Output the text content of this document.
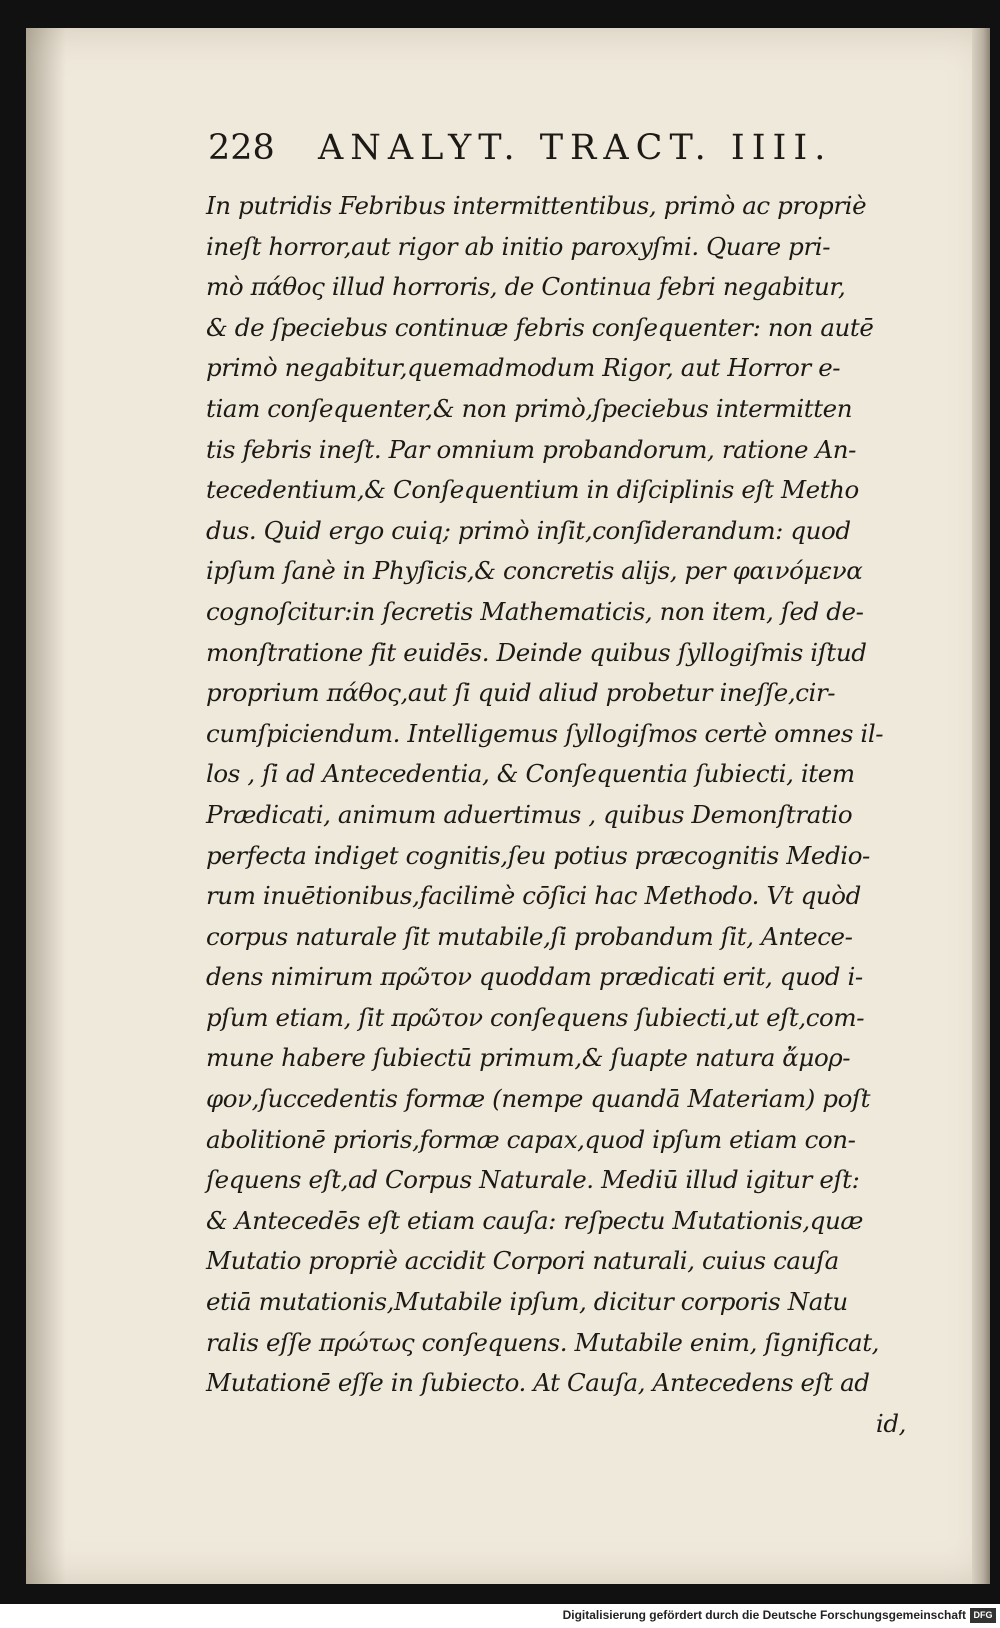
228 ANALYT. TRACT. IIII.
In putridis Febribus intermittentibus, primò ac propriè
ineſt horror,aut rigor ab initio paroxyſmi. Quare pri‑
mò πάθος illud horroris, de Continua febri negabitur,
& de ſpeciebus continuæ febris conſequenter: non autē
primò negabitur,quemadmodum Rigor, aut Horror e‑
tiam conſequenter,& non primò,ſpeciebus intermitten
tis febris ineſt. Par omnium probandorum, ratione An‑
tecedentium,& Conſequentium in diſciplinis eſt Metho
dus. Quid ergo cuiq; primò inſit,conſiderandum: quod
ipſum ſanè in Phyſicis,& concretis alijs, per φαινόμενα
cognoſcitur:in ſecretis Mathematicis, non item, ſed de‑
monſtratione fit euidēs. Deinde quibus ſyllogiſmis iſtud
proprium πάθος,aut ſi quid aliud probetur ineſſe,cir‑
cumſpiciendum. Intelligemus ſyllogiſmos certè omnes il‑
los , ſi ad Antecedentia, & Conſequentia ſubiecti, item
Prædicati, animum aduertimus , quibus Demonſtratio
perfecta indiget cognitis,ſeu potius præcognitis Medio‑
rum inuētionibus,facilimè cōſici hac Methodo. Vt quòd
corpus naturale ſit mutabile,ſi probandum ſit, Antece‑
dens nimirum πρῶτον quoddam prædicati erit, quod i‑
pſum etiam, ſit πρῶτον conſequens ſubiecti,ut eſt,com‑
mune habere ſubiectū primum,& ſuapte natura ἄμορ‑
φον,ſuccedentis formæ (nempe quandā Materiam) poſt
abolitionē prioris,formæ capax,quod ipſum etiam con‑
ſequens eſt,ad Corpus Naturale. Mediū illud igitur eſt:
& Antecedēs eſt etiam cauſa: reſpectu Mutationis,quæ
Mutatio propriè accidit Corpori naturali, cuius cauſa
etiā mutationis,Mutabile ipſum, dicitur corporis Natu
ralis eſſe πρώτως conſequens. Mutabile enim, ſignificat,
Mutationē eſſe in ſubiecto. At Cauſa, Antecedens eſt ad
id,
Digitalisierung gefördert durch die Deutsche Forschungsgemeinschaft DFG
